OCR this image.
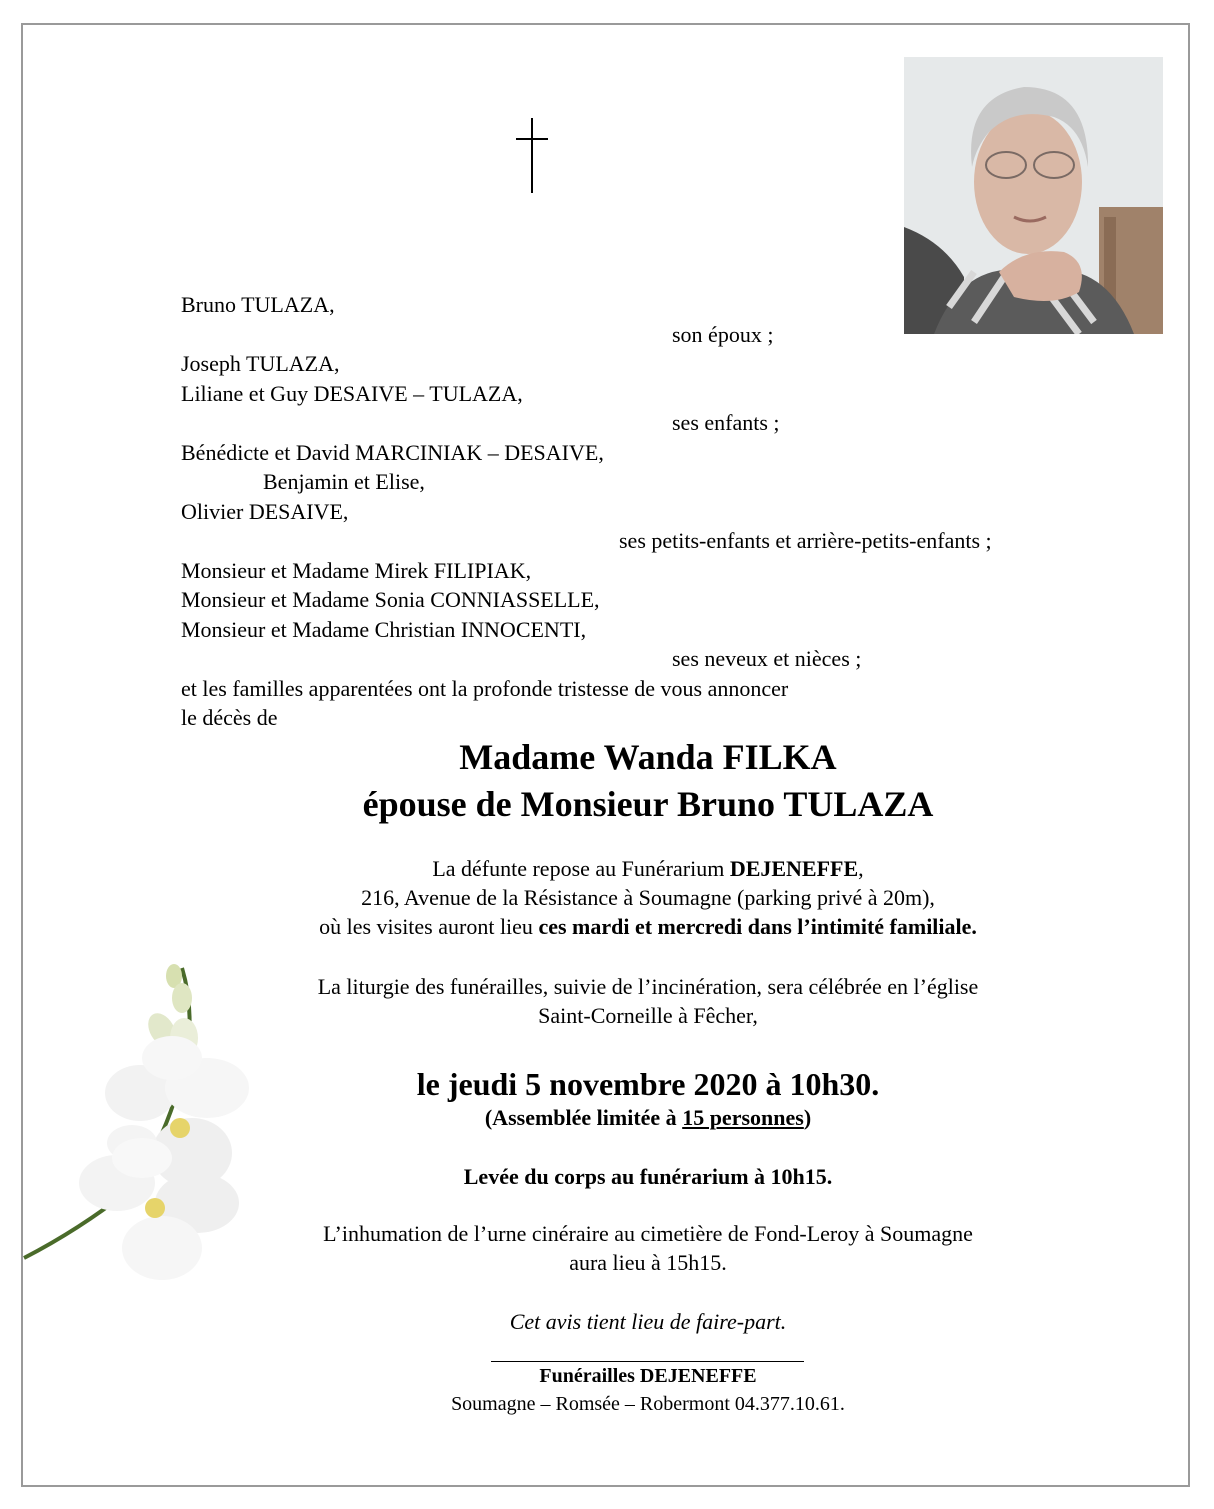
Bruno TULAZA,
son époux ;
Joseph TULAZA,
Liliane et Guy DESAIVE – TULAZA,
ses enfants ;
Bénédicte et David MARCINIAK – DESAIVE,
Benjamin et Elise,
Olivier DESAIVE,
ses petits-enfants et arrière-petits-enfants ;
Monsieur et Madame Mirek FILIPIAK,
Monsieur et Madame Sonia CONNIASSELLE,
Monsieur et Madame Christian INNOCENTI,
ses neveux et nièces ;
et les familles apparentées ont la profonde tristesse de vous annoncer
le décès de
Madame Wanda FILKA
épouse de Monsieur Bruno TULAZA
La défunte repose au Funérarium DEJENEFFE,
216, Avenue de la Résistance à Soumagne (parking privé à 20m),
où les visites auront lieu ces mardi et mercredi dans l’intimité familiale.
La liturgie des funérailles, suivie de l’incinération, sera célébrée en l’église
Saint-Corneille à Fêcher,
le jeudi 5 novembre 2020 à 10h30.
(Assemblée limitée à 15 personnes)
Levée du corps au funérarium à 10h15.
L’inhumation de l’urne cinéraire au cimetière de Fond-Leroy à Soumagne
aura lieu à 15h15.
Cet avis tient lieu de faire-part.
Funérailles DEJENEFFE
Soumagne – Romsée – Robermont 04.377.10.61.
